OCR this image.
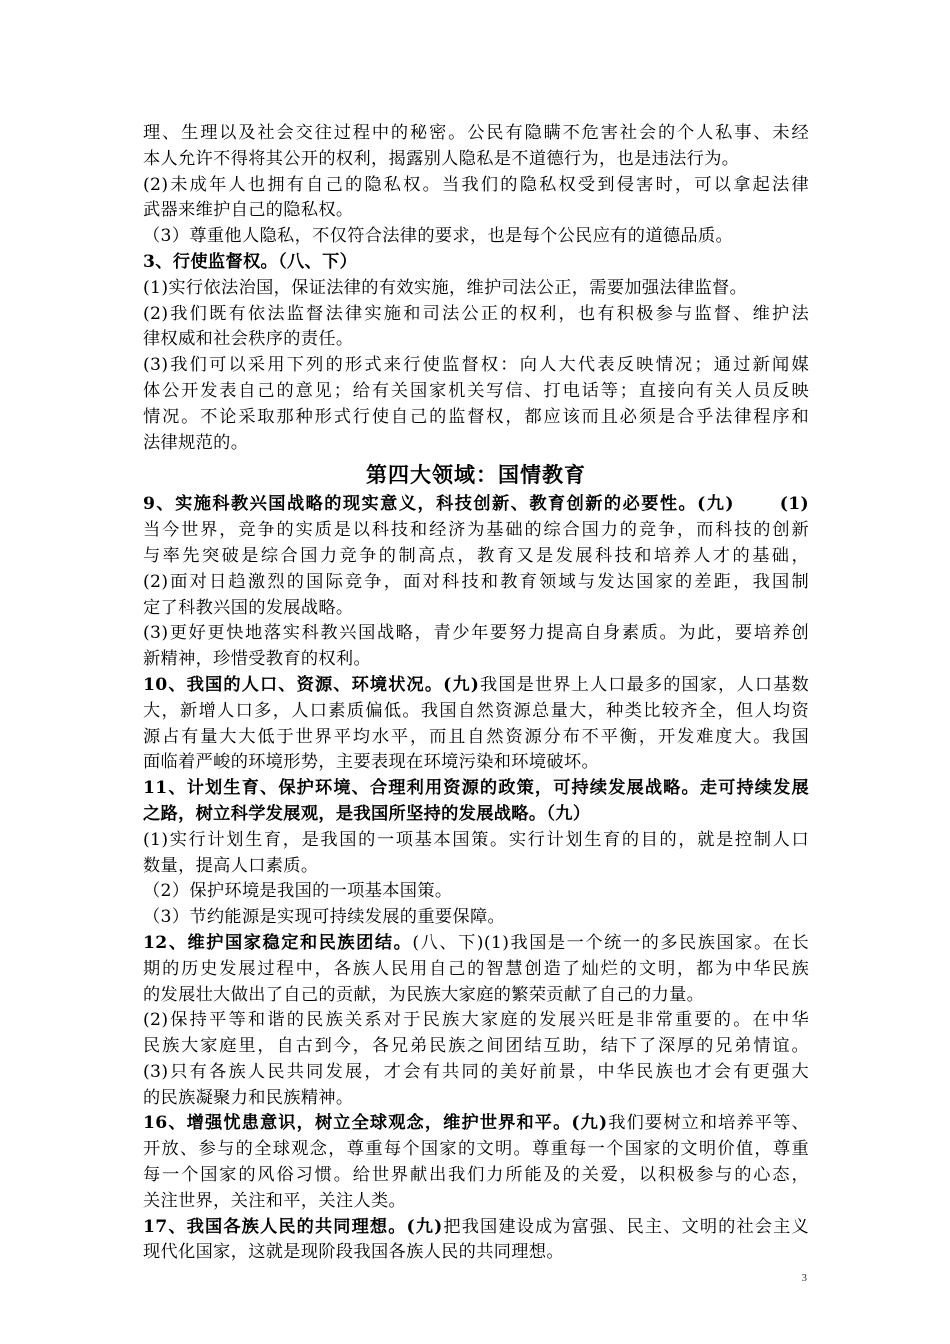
理、生理以及社会交往过程中的秘密。公民有隐瞒不危害社会的个人私事、未经
本人允许不得将其公开的权利，揭露别人隐私是不道德行为，也是违法行为。
(2)未成年人也拥有自己的隐私权。当我们的隐私权受到侵害时，可以拿起法律
武器来维护自己的隐私权。
（3）尊重他人隐私，不仅符合法律的要求，也是每个公民应有的道德品质。
3、行使监督权。（八、下）
(1)实行依法治国，保证法律的有效实施，维护司法公正，需要加强法律监督。
(2)我们既有依法监督法律实施和司法公正的权利，也有积极参与监督、维护法
律权威和社会秩序的责任。
(3)我们可以采用下列的形式来行使监督权：向人大代表反映情况；通过新闻媒
体公开发表自己的意见；给有关国家机关写信、打电话等；直接向有关人员反映
情况。不论采取那种形式行使自己的监督权，都应该而且必须是合乎法律程序和
法律规范的。
第四大领域：国情教育
9、实施科教兴国战略的现实意义，科技创新、教育创新的必要性。(九)　　 (1)
当今世界，竞争的实质是以科技和经济为基础的综合国力的竞争，而科技的创新
与率先突破是综合国力竞争的制高点，教育又是发展科技和培养人才的基础，
(2)面对日趋激烈的国际竞争，面对科技和教育领域与发达国家的差距，我国制
定了科教兴国的发展战略。
(3)更好更快地落实科教兴国战略，青少年要努力提高自身素质。为此，要培养创
新精神，珍惜受教育的权利。
10、我国的人口、资源、环境状况。(九)我国是世界上人口最多的国家，人口基数
大，新增人口多，人口素质偏低。我国自然资源总量大，种类比较齐全，但人均资
源占有量大大低于世界平均水平，而且自然资源分布不平衡，开发难度大。我国
面临着严峻的环境形势，主要表现在环境污染和环境破坏。
11、计划生育、保护环境、合理利用资源的政策，可持续发展战略。走可持续发展
之路，树立科学发展观，是我国所坚持的发展战略。（九）
(1)实行计划生育，是我国的一项基本国策。实行计划生育的目的，就是控制人口
数量，提高人口素质。
（2）保护环境是我国的一项基本国策。
（3）节约能源是实现可持续发展的重要保障。
12、维护国家稳定和民族团结。(八、下)(1)我国是一个统一的多民族国家。在长
期的历史发展过程中，各族人民用自己的智慧创造了灿烂的文明，都为中华民族
的发展壮大做出了自己的贡献，为民族大家庭的繁荣贡献了自己的力量。
(2)保持平等和谐的民族关系对于民族大家庭的发展兴旺是非常重要的。在中华
民族大家庭里，自古到今，各兄弟民族之间团结互助，结下了深厚的兄弟情谊。
(3)只有各族人民共同发展，才会有共同的美好前景，中华民族也才会有更强大
的民族凝聚力和民族精神。
16、增强忧患意识，树立全球观念，维护世界和平。(九)我们要树立和培养平等、
开放、参与的全球观念，尊重每个国家的文明。尊重每一个国家的文明价值，尊重
每一个国家的风俗习惯。给世界献出我们力所能及的关爱，以积极参与的心态，
关注世界，关注和平，关注人类。
17、我国各族人民的共同理想。(九)把我国建设成为富强、民主、文明的社会主义
现代化国家，这就是现阶段我国各族人民的共同理想。
3
